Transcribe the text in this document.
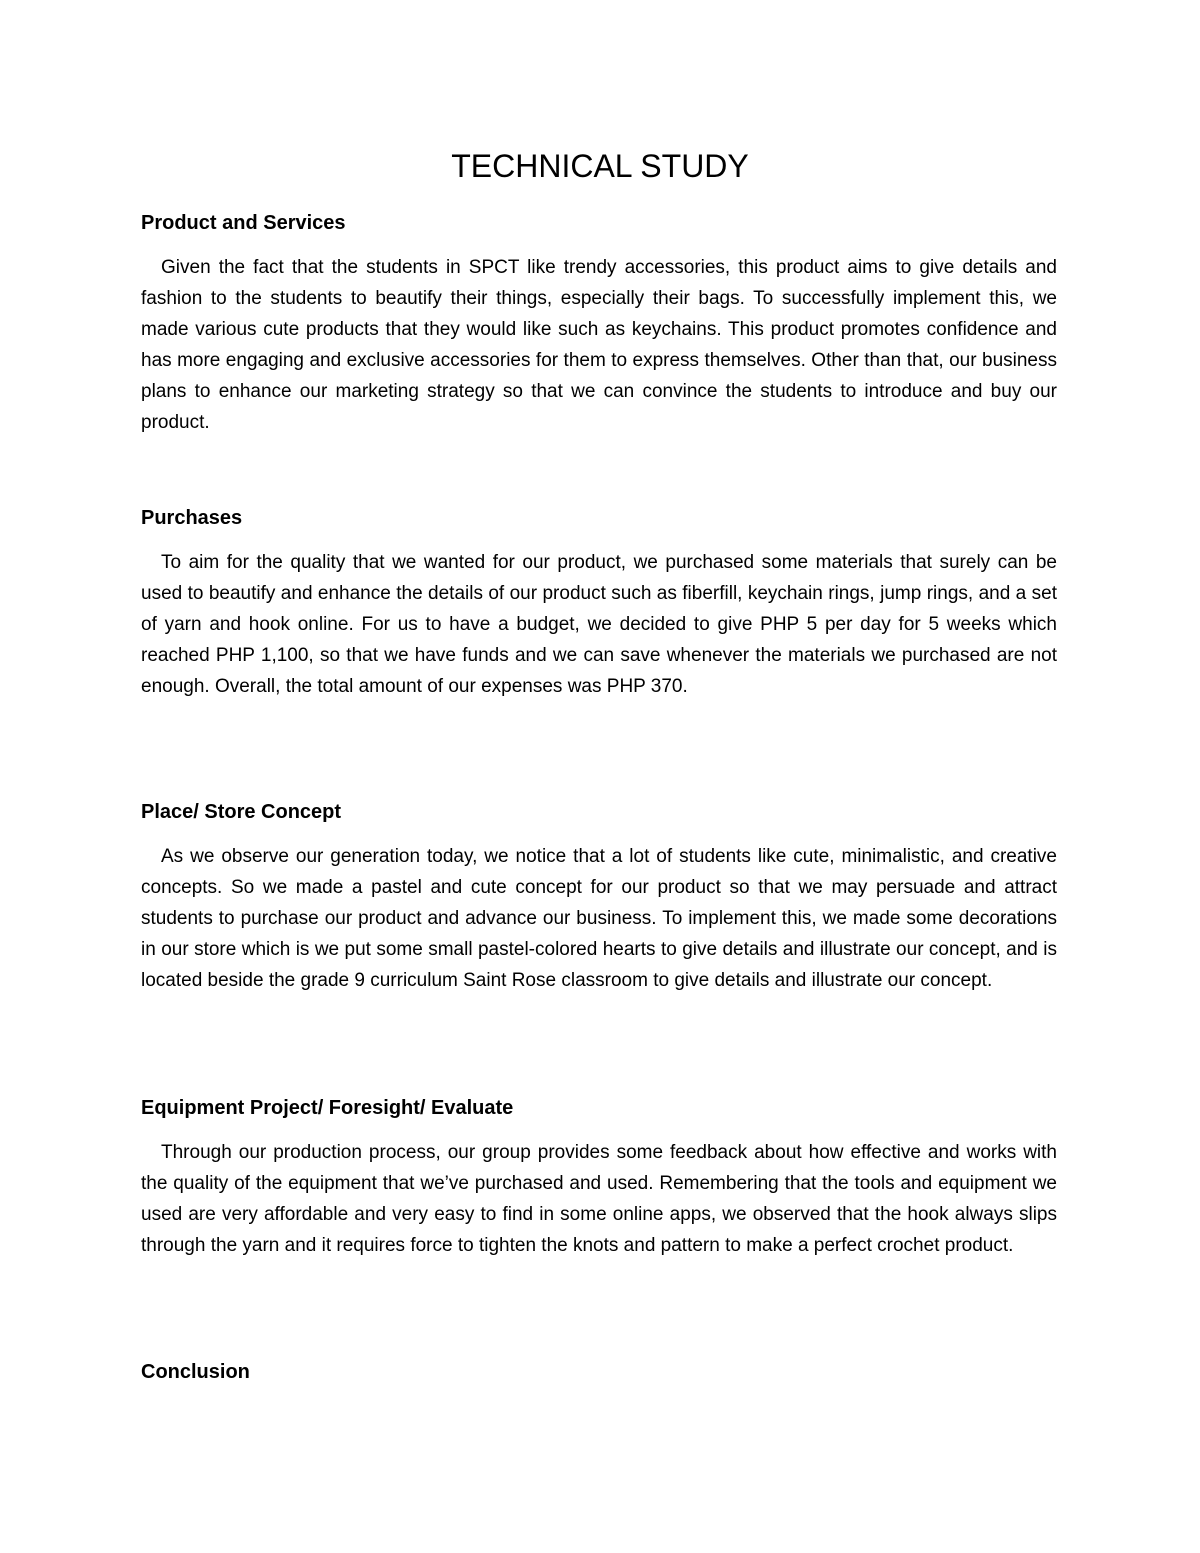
TECHNICAL STUDY
Product and Services

Given the fact that the students in SPCT like trendy accessories, this product aims to give details and fashion to the students to beautify their things, especially their bags. To successfully implement this, we made various cute products that they would like such as keychains. This product promotes confidence and has more engaging and exclusive accessories for them to express themselves. Other than that, our business plans to enhance our marketing strategy so that we can convince the students to introduce and buy our product.

Purchases

To aim for the quality that we wanted for our product, we purchased some materials that surely can be used to beautify and enhance the details of our product such as fiberfill, keychain rings, jump rings, and a set of yarn and hook online. For us to have a budget, we decided to give PHP 5 per day for 5 weeks which reached PHP 1,100, so that we have funds and we can save whenever the materials we purchased are not enough. Overall, the total amount of our expenses was PHP 370.

Place/ Store Concept

As we observe our generation today, we notice that a lot of students like cute, minimalistic, and creative concepts. So we made a pastel and cute concept for our product so that we may persuade and attract students to purchase our product and advance our business. To implement this, we made some decorations in our store which is we put some small pastel-colored hearts to give details and illustrate our concept, and is located beside the grade 9 curriculum Saint Rose classroom to give details and illustrate our concept.

Equipment Project/ Foresight/ Evaluate

Through our production process, our group provides some feedback about how effective and works with the quality of the equipment that we’ve purchased and used. Remembering that the tools and equipment we used are very affordable and very easy to find in some online apps, we observed that the hook always slips through the yarn and it requires force to tighten the knots and pattern to make a perfect crochet product.

Conclusion
